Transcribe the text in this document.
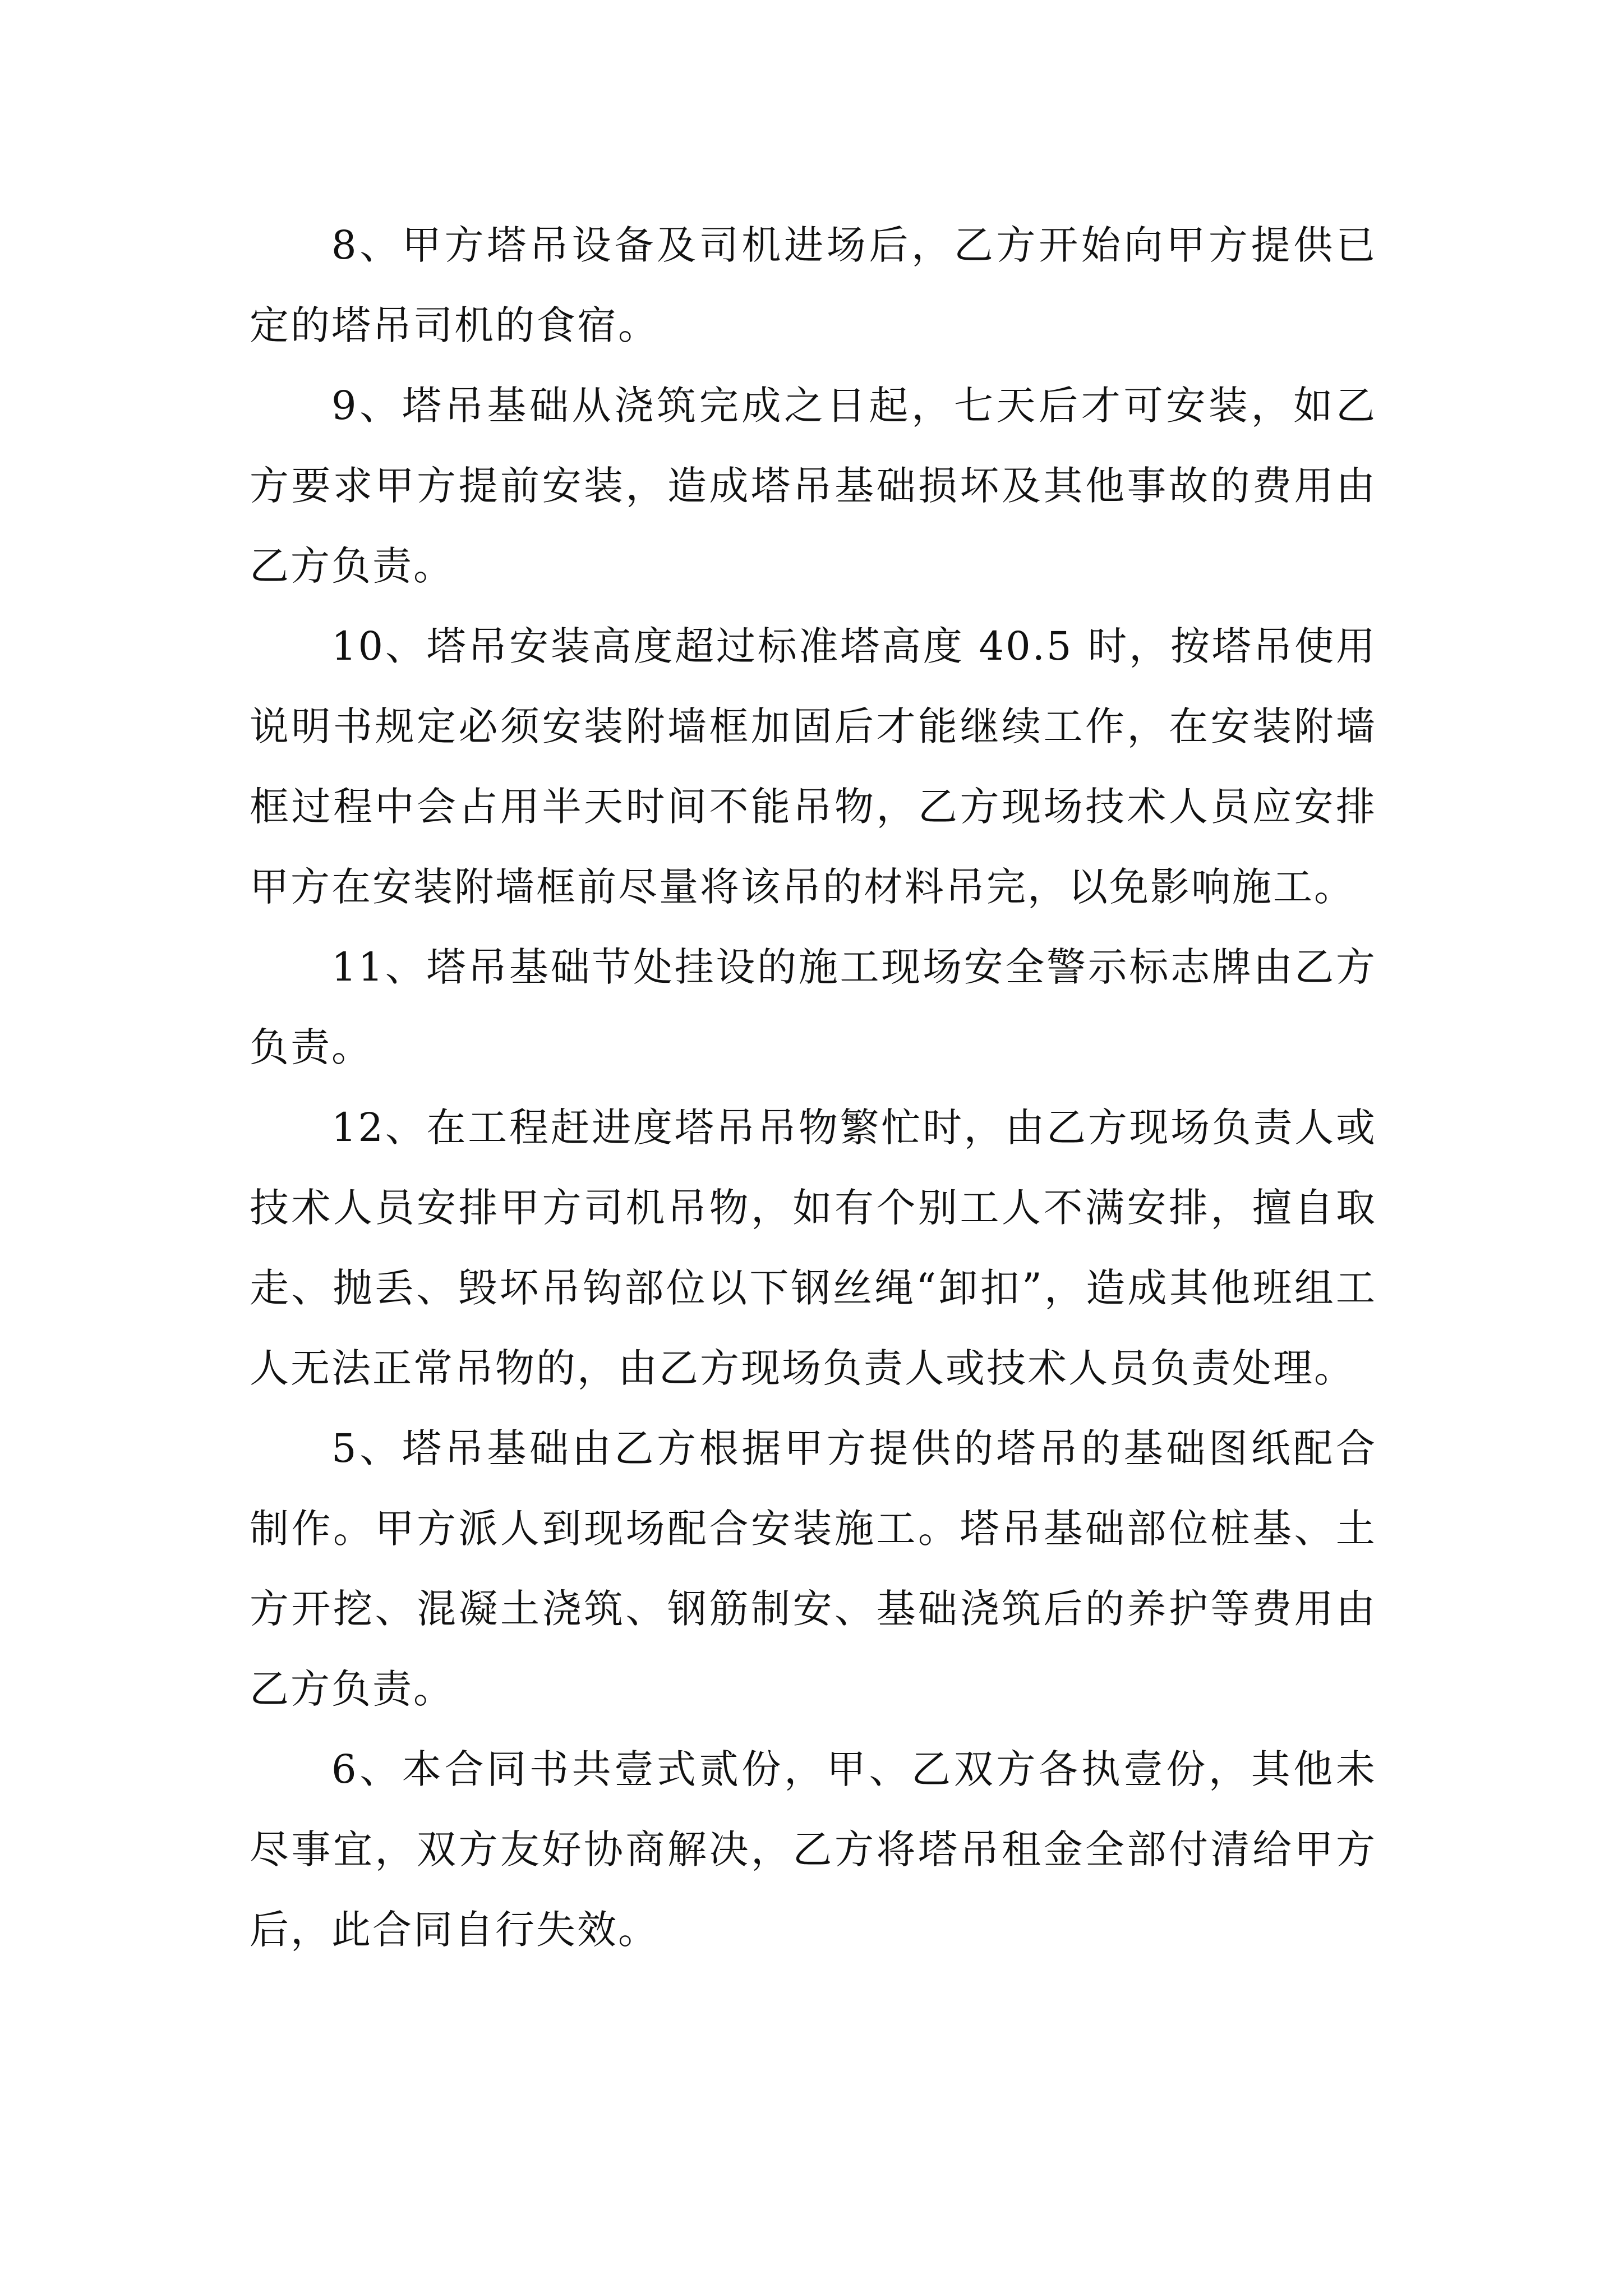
8、甲方塔吊设备及司机进场后，乙方开始向甲方提供已定的塔吊司机的食宿。

9、塔吊基础从浇筑完成之日起，七天后才可安装，如乙方要求甲方提前安装，造成塔吊基础损坏及其他事故的费用由乙方负责。

10、塔吊安装高度超过标准塔高度 40.5 时，按塔吊使用说明书规定必须安装附墙框加固后才能继续工作，在安装附墙框过程中会占用半天时间不能吊物，乙方现场技术人员应安排甲方在安装附墙框前尽量将该吊的材料吊完，以免影响施工。

11、塔吊基础节处挂设的施工现场安全警示标志牌由乙方负责。

12、在工程赶进度塔吊吊物繁忙时，由乙方现场负责人或技术人员安排甲方司机吊物，如有个别工人不满安排，擅自取走、抛丢、毁坏吊钩部位以下钢丝绳“卸扣”，造成其他班组工人无法正常吊物的，由乙方现场负责人或技术人员负责处理。

5、塔吊基础由乙方根据甲方提供的塔吊的基础图纸配合制作。甲方派人到现场配合安装施工。塔吊基础部位桩基、土方开挖、混凝土浇筑、钢筋制安、基础浇筑后的养护等费用由乙方负责。

6、本合同书共壹式贰份，甲、乙双方各执壹份，其他未尽事宜，双方友好协商解决，乙方将塔吊租金全部付清给甲方后，此合同自行失效。
